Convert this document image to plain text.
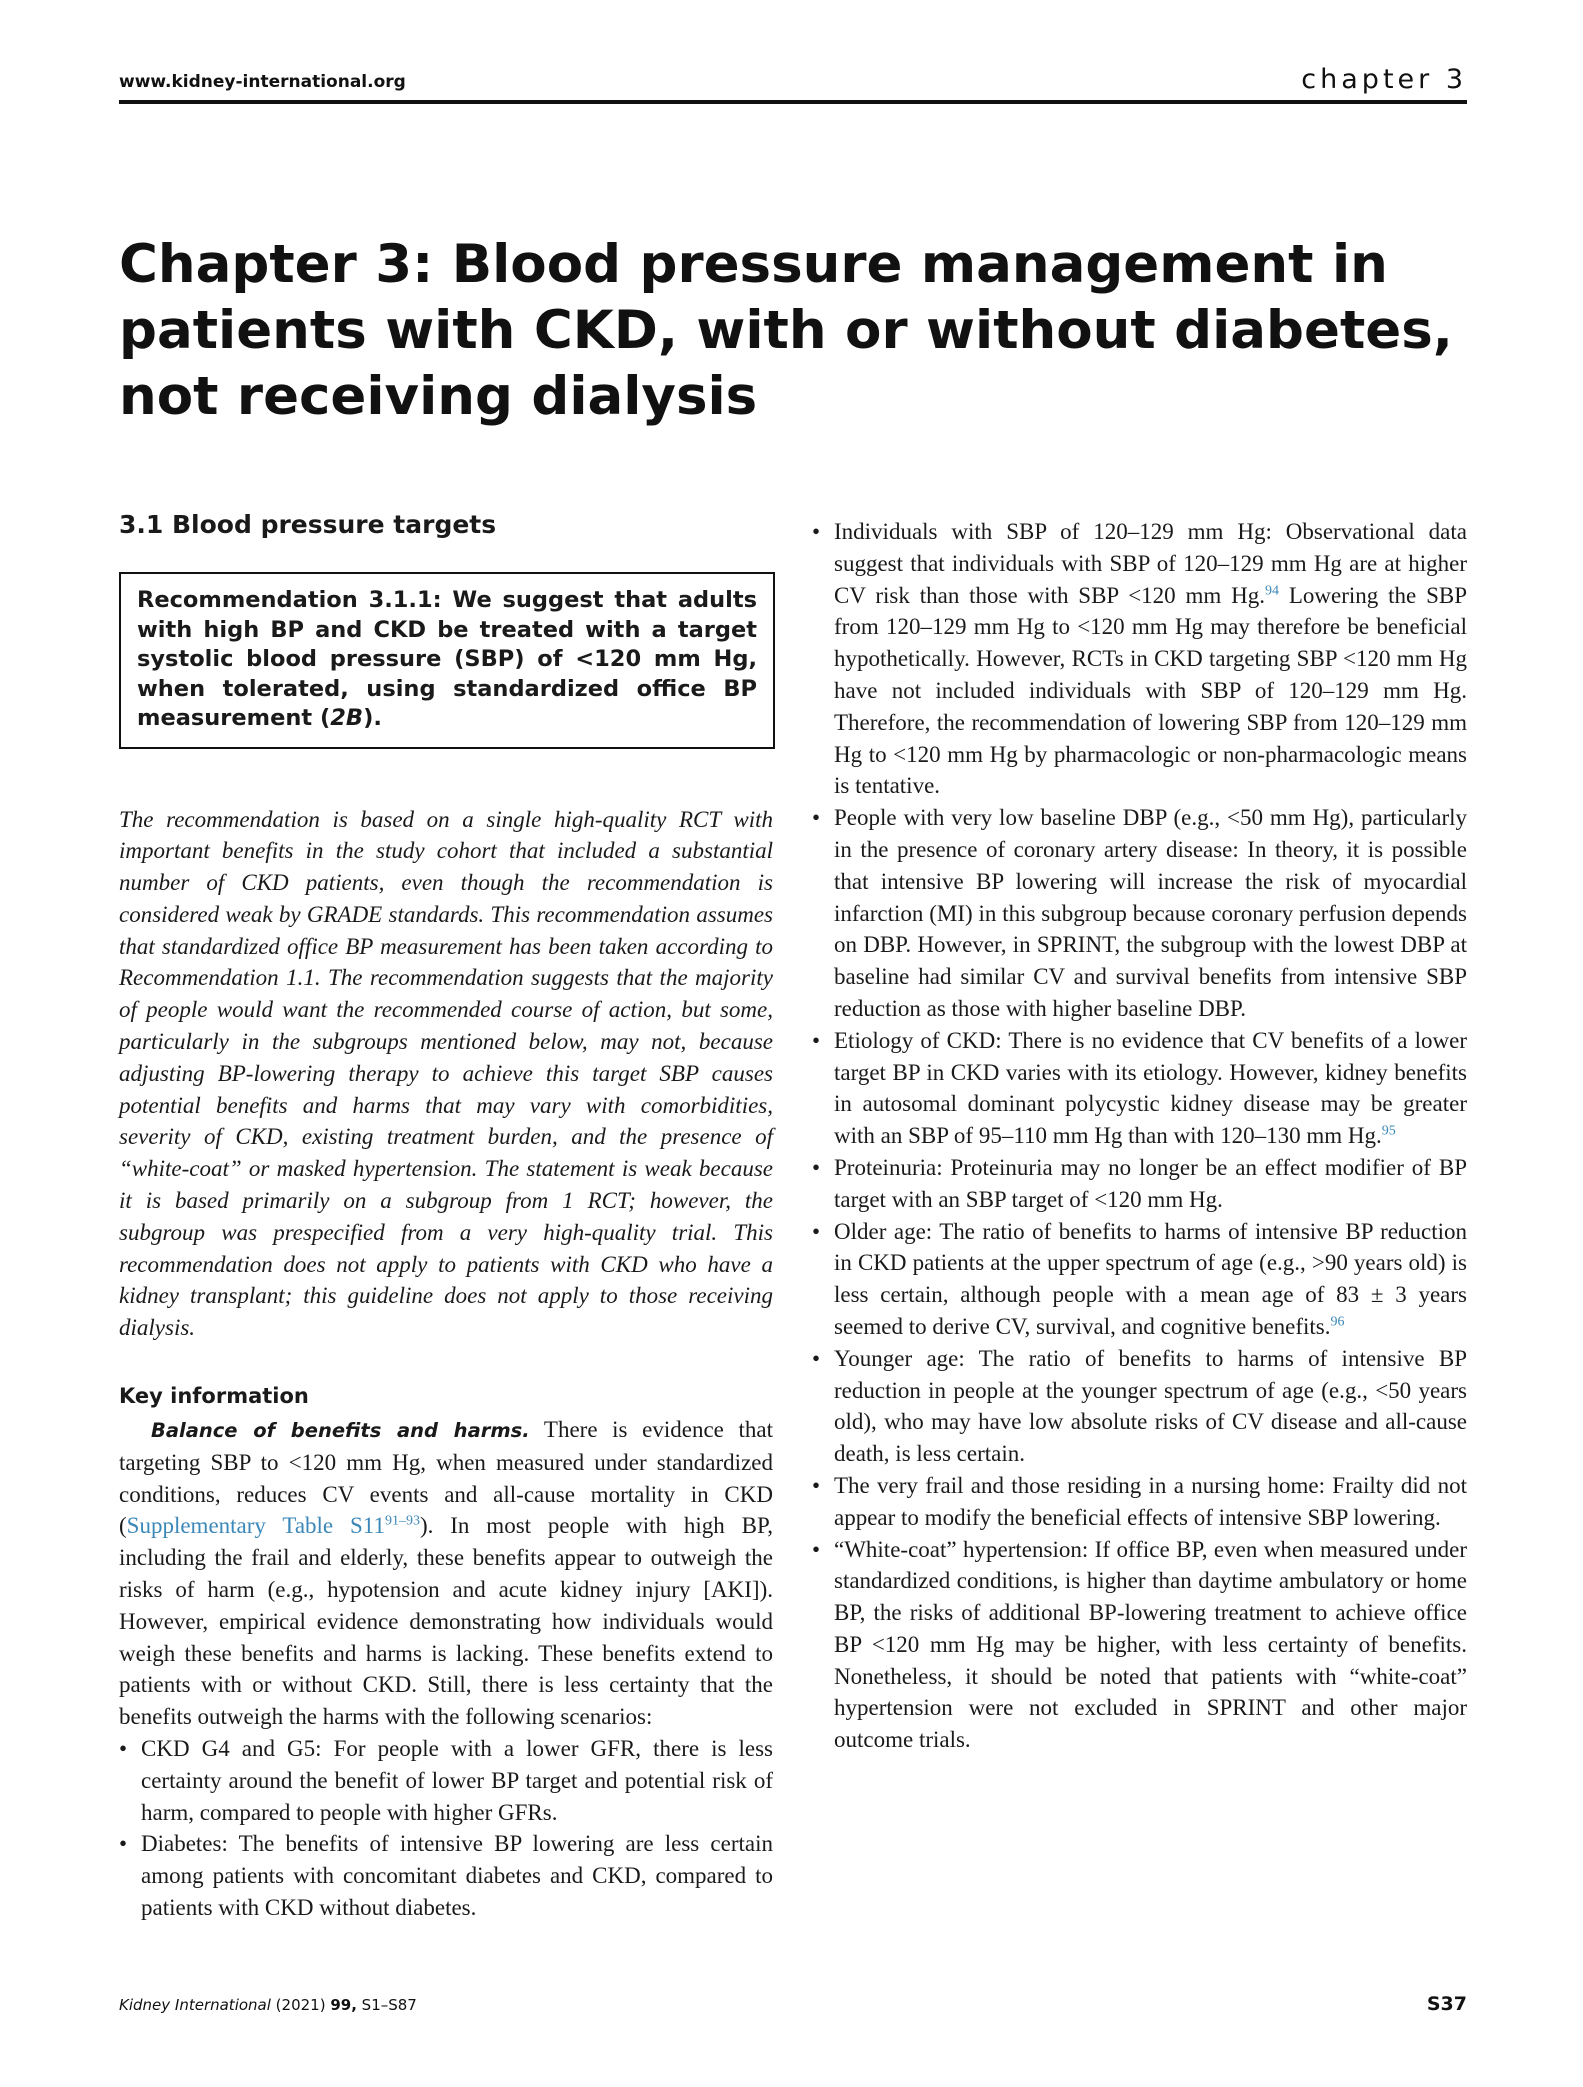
www.kidney-international.org	chapter 3
Chapter 3: Blood pressure management in patients with CKD, with or without diabetes, not receiving dialysis
3.1 Blood pressure targets

Recommendation 3.1.1: We suggest that adults with high BP and CKD be treated with a target systolic blood pressure (SBP) of <120 mm Hg, when tolerated, using standardized office BP measurement (2B).

The recommendation is based on a single high-quality RCT with important benefits in the study cohort that included a substantial number of CKD patients, even though the recommendation is considered weak by GRADE standards. This recommendation assumes that standardized office BP measurement has been taken according to Recommendation 1.1. The recommendation suggests that the majority of people would want the recommended course of action, but some, particularly in the subgroups mentioned below, may not, because adjusting BP-lowering therapy to achieve this target SBP causes potential benefits and harms that may vary with comorbidities, severity of CKD, existing treatment burden, and the presence of “white-coat” or masked hypertension. The statement is weak because it is based primarily on a subgroup from 1 RCT; however, the subgroup was prespecified from a very high-quality trial. This recommendation does not apply to patients with CKD who have a kidney transplant; this guideline does not apply to those receiving dialysis.

Key information

Balance of benefits and harms. There is evidence that targeting SBP to <120 mm Hg, when measured under standardized conditions, reduces CV events and all-cause mortality in CKD (Supplementary Table S11$^{91-93}$). In most people with high BP, including the frail and elderly, these benefits appear to outweigh the risks of harm (e.g., hypotension and acute kidney injury [AKI]). However, empirical evidence demonstrating how individuals would weigh these benefits and harms is lacking. These benefits extend to patients with or without CKD. Still, there is less certainty that the benefits outweigh the harms with the following scenarios:

• CKD G4 and G5: For people with a lower GFR, there is less certainty around the benefit of lower BP target and potential risk of harm, compared to people with higher GFRs.
• Diabetes: The benefits of intensive BP lowering are less certain among patients with concomitant diabetes and CKD, compared to patients with CKD without diabetes.
• Individuals with SBP of 120–129 mm Hg: Observational data suggest that individuals with SBP of 120–129 mm Hg are at higher CV risk than those with SBP <120 mm Hg.$^{94}$ Lowering the SBP from 120–129 mm Hg to <120 mm Hg may therefore be beneficial hypothetically. However, RCTs in CKD targeting SBP <120 mm Hg have not included individuals with SBP of 120–129 mm Hg. Therefore, the recommendation of lowering SBP from 120–129 mm Hg to <120 mm Hg by pharmacologic or non-pharmacologic means is tentative.
• People with very low baseline DBP (e.g., <50 mm Hg), particularly in the presence of coronary artery disease: In theory, it is possible that intensive BP lowering will increase the risk of myocardial infarction (MI) in this subgroup because coronary perfusion depends on DBP. However, in SPRINT, the subgroup with the lowest DBP at baseline had similar CV and survival benefits from intensive SBP reduction as those with higher baseline DBP.
• Etiology of CKD: There is no evidence that CV benefits of a lower target BP in CKD varies with its etiology. However, kidney benefits in autosomal dominant polycystic kidney disease may be greater with an SBP of 95–110 mm Hg than with 120–130 mm Hg.$^{95}$
• Proteinuria: Proteinuria may no longer be an effect modifier of BP target with an SBP target of <120 mm Hg.
• Older age: The ratio of benefits to harms of intensive BP reduction in CKD patients at the upper spectrum of age (e.g., >90 years old) is less certain, although people with a mean age of 83 ± 3 years seemed to derive CV, survival, and cognitive benefits.$^{96}$
• Younger age: The ratio of benefits to harms of intensive BP reduction in people at the younger spectrum of age (e.g., <50 years old), who may have low absolute risks of CV disease and all-cause death, is less certain.
• The very frail and those residing in a nursing home: Frailty did not appear to modify the beneficial effects of intensive SBP lowering.
• “White-coat” hypertension: If office BP, even when measured under standardized conditions, is higher than daytime ambulatory or home BP, the risks of additional BP-lowering treatment to achieve office BP <120 mm Hg may be higher, with less certainty of benefits. Nonetheless, it should be noted that patients with “white-coat” hypertension were not excluded in SPRINT and other major outcome trials.
Kidney International (2021) 99, S1–S87	S37
